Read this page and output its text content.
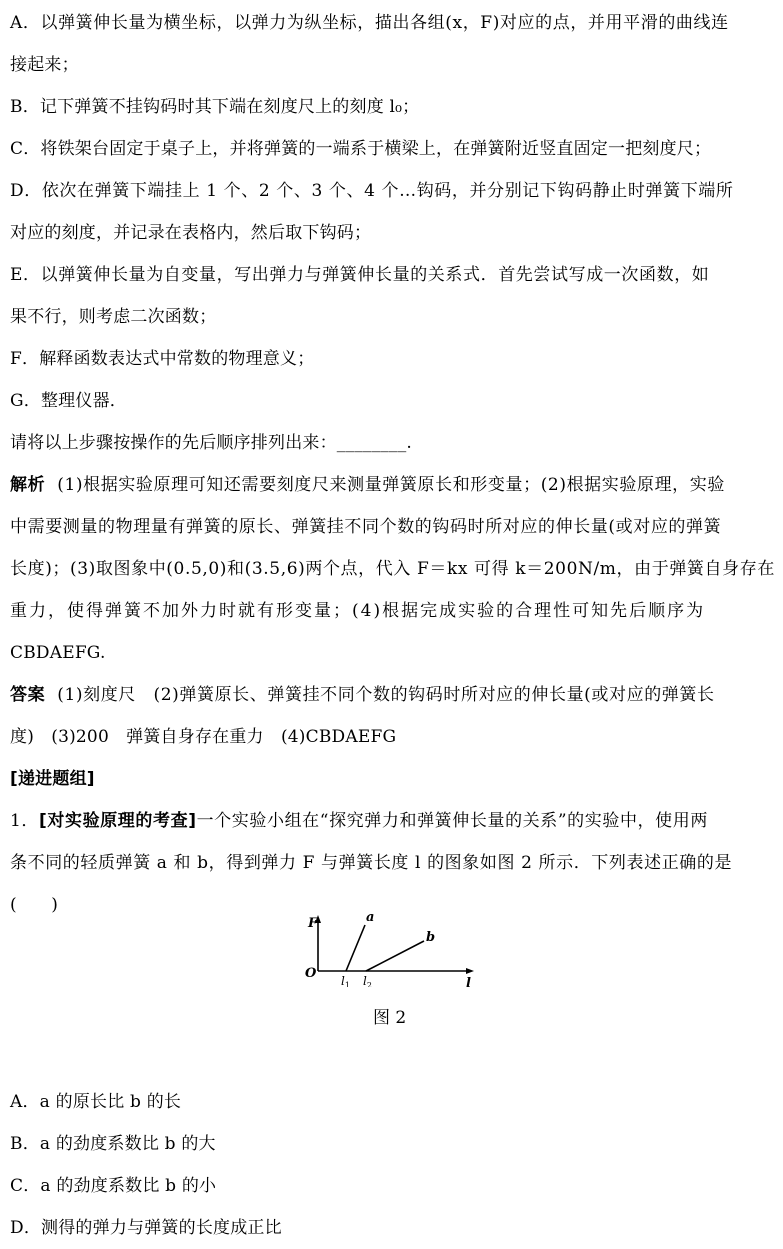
A．以弹簧伸长量为横坐标，以弹力为纵坐标，描出各组(x，F)对应的点，并用平滑的曲线连
接起来；
B．记下弹簧不挂钩码时其下端在刻度尺上的刻度 l₀；
C．将铁架台固定于桌子上，并将弹簧的一端系于横梁上，在弹簧附近竖直固定一把刻度尺；
D．依次在弹簧下端挂上 1 个、2 个、3 个、4 个…钩码，并分别记下钩码静止时弹簧下端所
对应的刻度，并记录在表格内，然后取下钩码；
E．以弹簧伸长量为自变量，写出弹力与弹簧伸长量的关系式．首先尝试写成一次函数，如
果不行，则考虑二次函数；
F．解释函数表达式中常数的物理意义；
G．整理仪器．
请将以上步骤按操作的先后顺序排列出来：________.
解析 (1)根据实验原理可知还需要刻度尺来测量弹簧原长和形变量；(2)根据实验原理，实验
中需要测量的物理量有弹簧的原长、弹簧挂不同个数的钩码时所对应的伸长量(或对应的弹簧
长度)；(3)取图象中(0.5,0)和(3.5,6)两个点，代入 F＝kx 可得 k＝200N/m，由于弹簧自身存在
重力，使得弹簧不加外力时就有形变量；(4)根据完成实验的合理性可知先后顺序为
CBDAEFG.
答案 (1)刻度尺　(2)弹簧原长、弹簧挂不同个数的钩码时所对应的伸长量(或对应的弹簧长
度)　(3)200　弹簧自身存在重力　(4)CBDAEFG
[递进题组]
1．[对实验原理的考查]一个实验小组在“探究弹力和弹簧伸长量的关系”的实验中，使用两
条不同的轻质弹簧 a 和 b，得到弹力 F 与弹簧长度 l 的图象如图 2 所示．下列表述正确的是
(　　)
F
O
l
a
b
$l_1$ $l_2$
图 2
A．a 的原长比 b 的长
B．a 的劲度系数比 b 的大
C．a 的劲度系数比 b 的小
D．测得的弹力与弹簧的长度成正比
